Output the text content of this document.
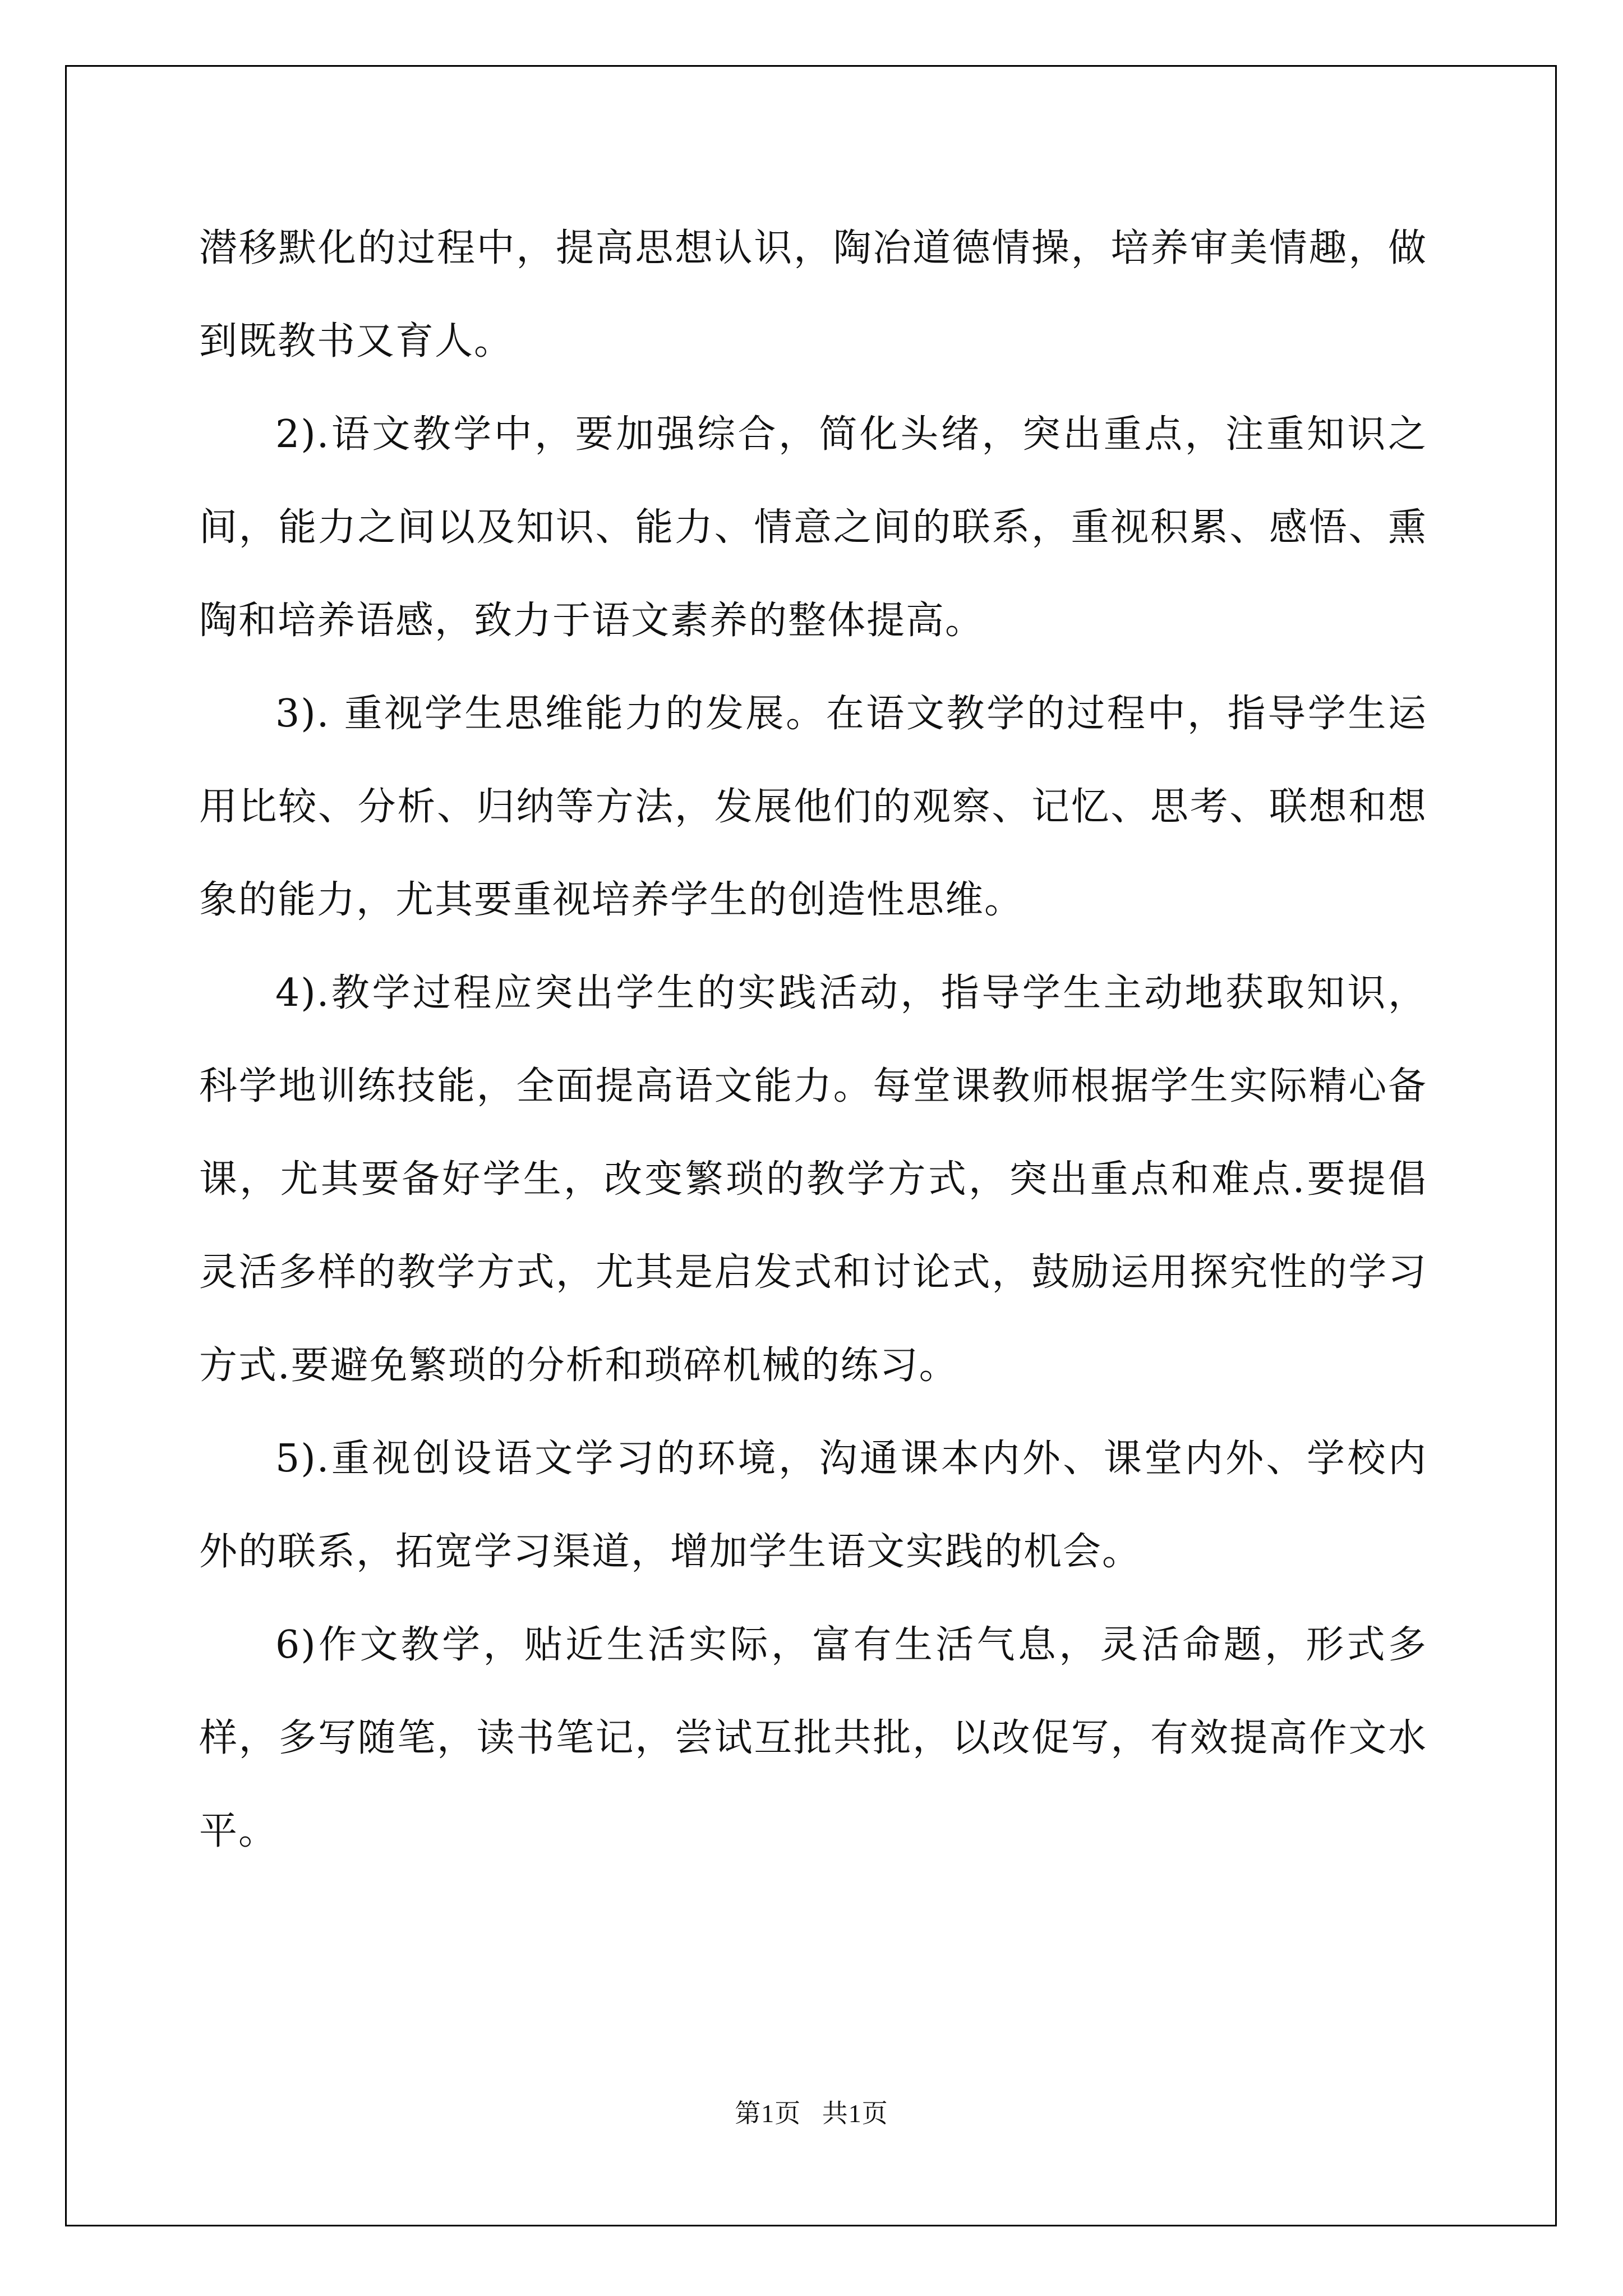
潜移默化的过程中，提高思想认识，陶冶道德情操，培养审美情趣，做到既教书又育人。

2).语文教学中，要加强综合，简化头绪，突出重点，注重知识之间，能力之间以及知识、能力、情意之间的联系，重视积累、感悟、熏陶和培养语感，致力于语文素养的整体提高。

3). 重视学生思维能力的发展。在语文教学的过程中，指导学生运用比较、分析、归纳等方法，发展他们的观察、记忆、思考、联想和想象的能力，尤其要重视培养学生的创造性思维。

4).教学过程应突出学生的实践活动，指导学生主动地获取知识，科学地训练技能，全面提高语文能力。每堂课教师根据学生实际精心备课，尤其要备好学生，改变繁琐的教学方式，突出重点和难点.要提倡灵活多样的教学方式，尤其是启发式和讨论式，鼓励运用探究性的学习方式.要避免繁琐的分析和琐碎机械的练习。

5).重视创设语文学习的环境，沟通课本内外、课堂内外、学校内外的联系，拓宽学习渠道，增加学生语文实践的机会。

6)作文教学，贴近生活实际，富有生活气息，灵活命题，形式多样，多写随笔，读书笔记，尝试互批共批，以改促写，有效提高作文水平。

第1页   共1页
